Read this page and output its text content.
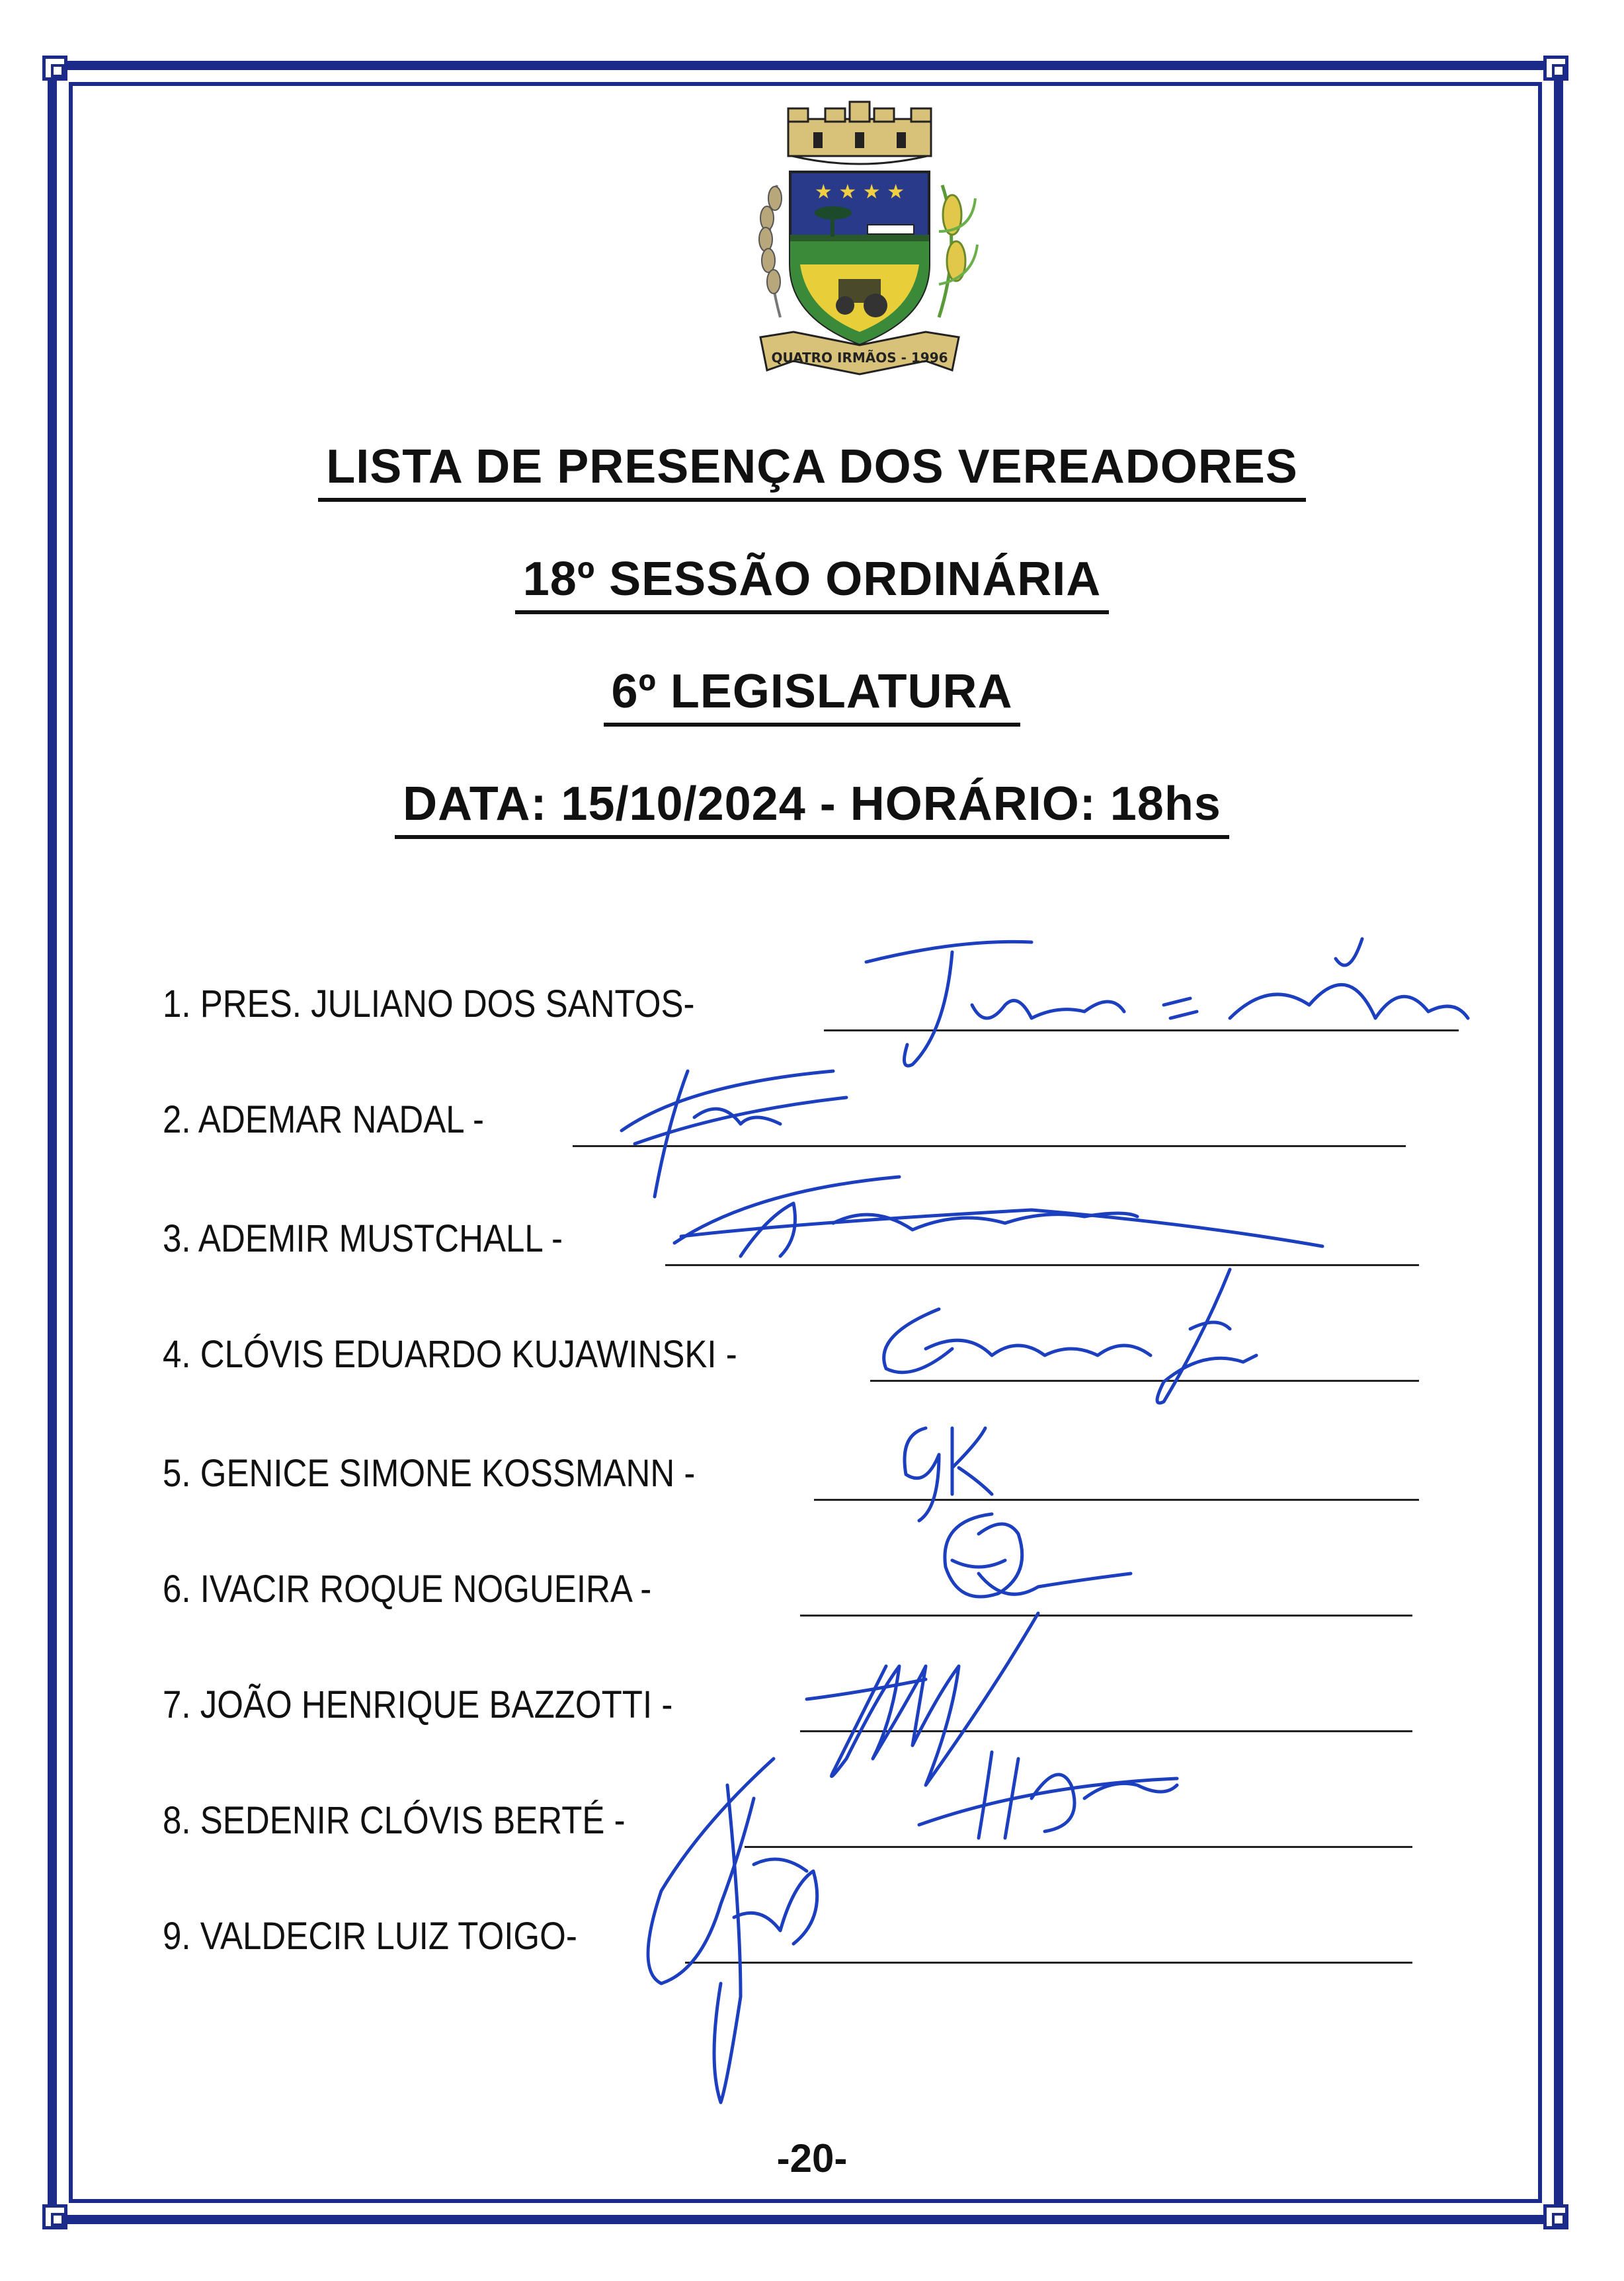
★ ★ ★ ★
QUATRO IRMÃOS - 1996
LISTA DE PRESENÇA DOS VEREADORES
18º SESSÃO ORDINÁRIA
6º LEGISLATURA
DATA: 15/10/2024 - HORÁRIO: 18hs
1. PRES. JULIANO DOS SANTOS-
2. ADEMAR NADAL -
3. ADEMIR MUSTCHALL -
4. CLÓVIS EDUARDO KUJAWINSKI -
5. GENICE SIMONE KOSSMANN -
6. IVACIR ROQUE NOGUEIRA -
7. JOÃO HENRIQUE BAZZOTTI -
8. SEDENIR CLÓVIS BERTÉ -
9. VALDECIR LUIZ TOIGO-
-20-
